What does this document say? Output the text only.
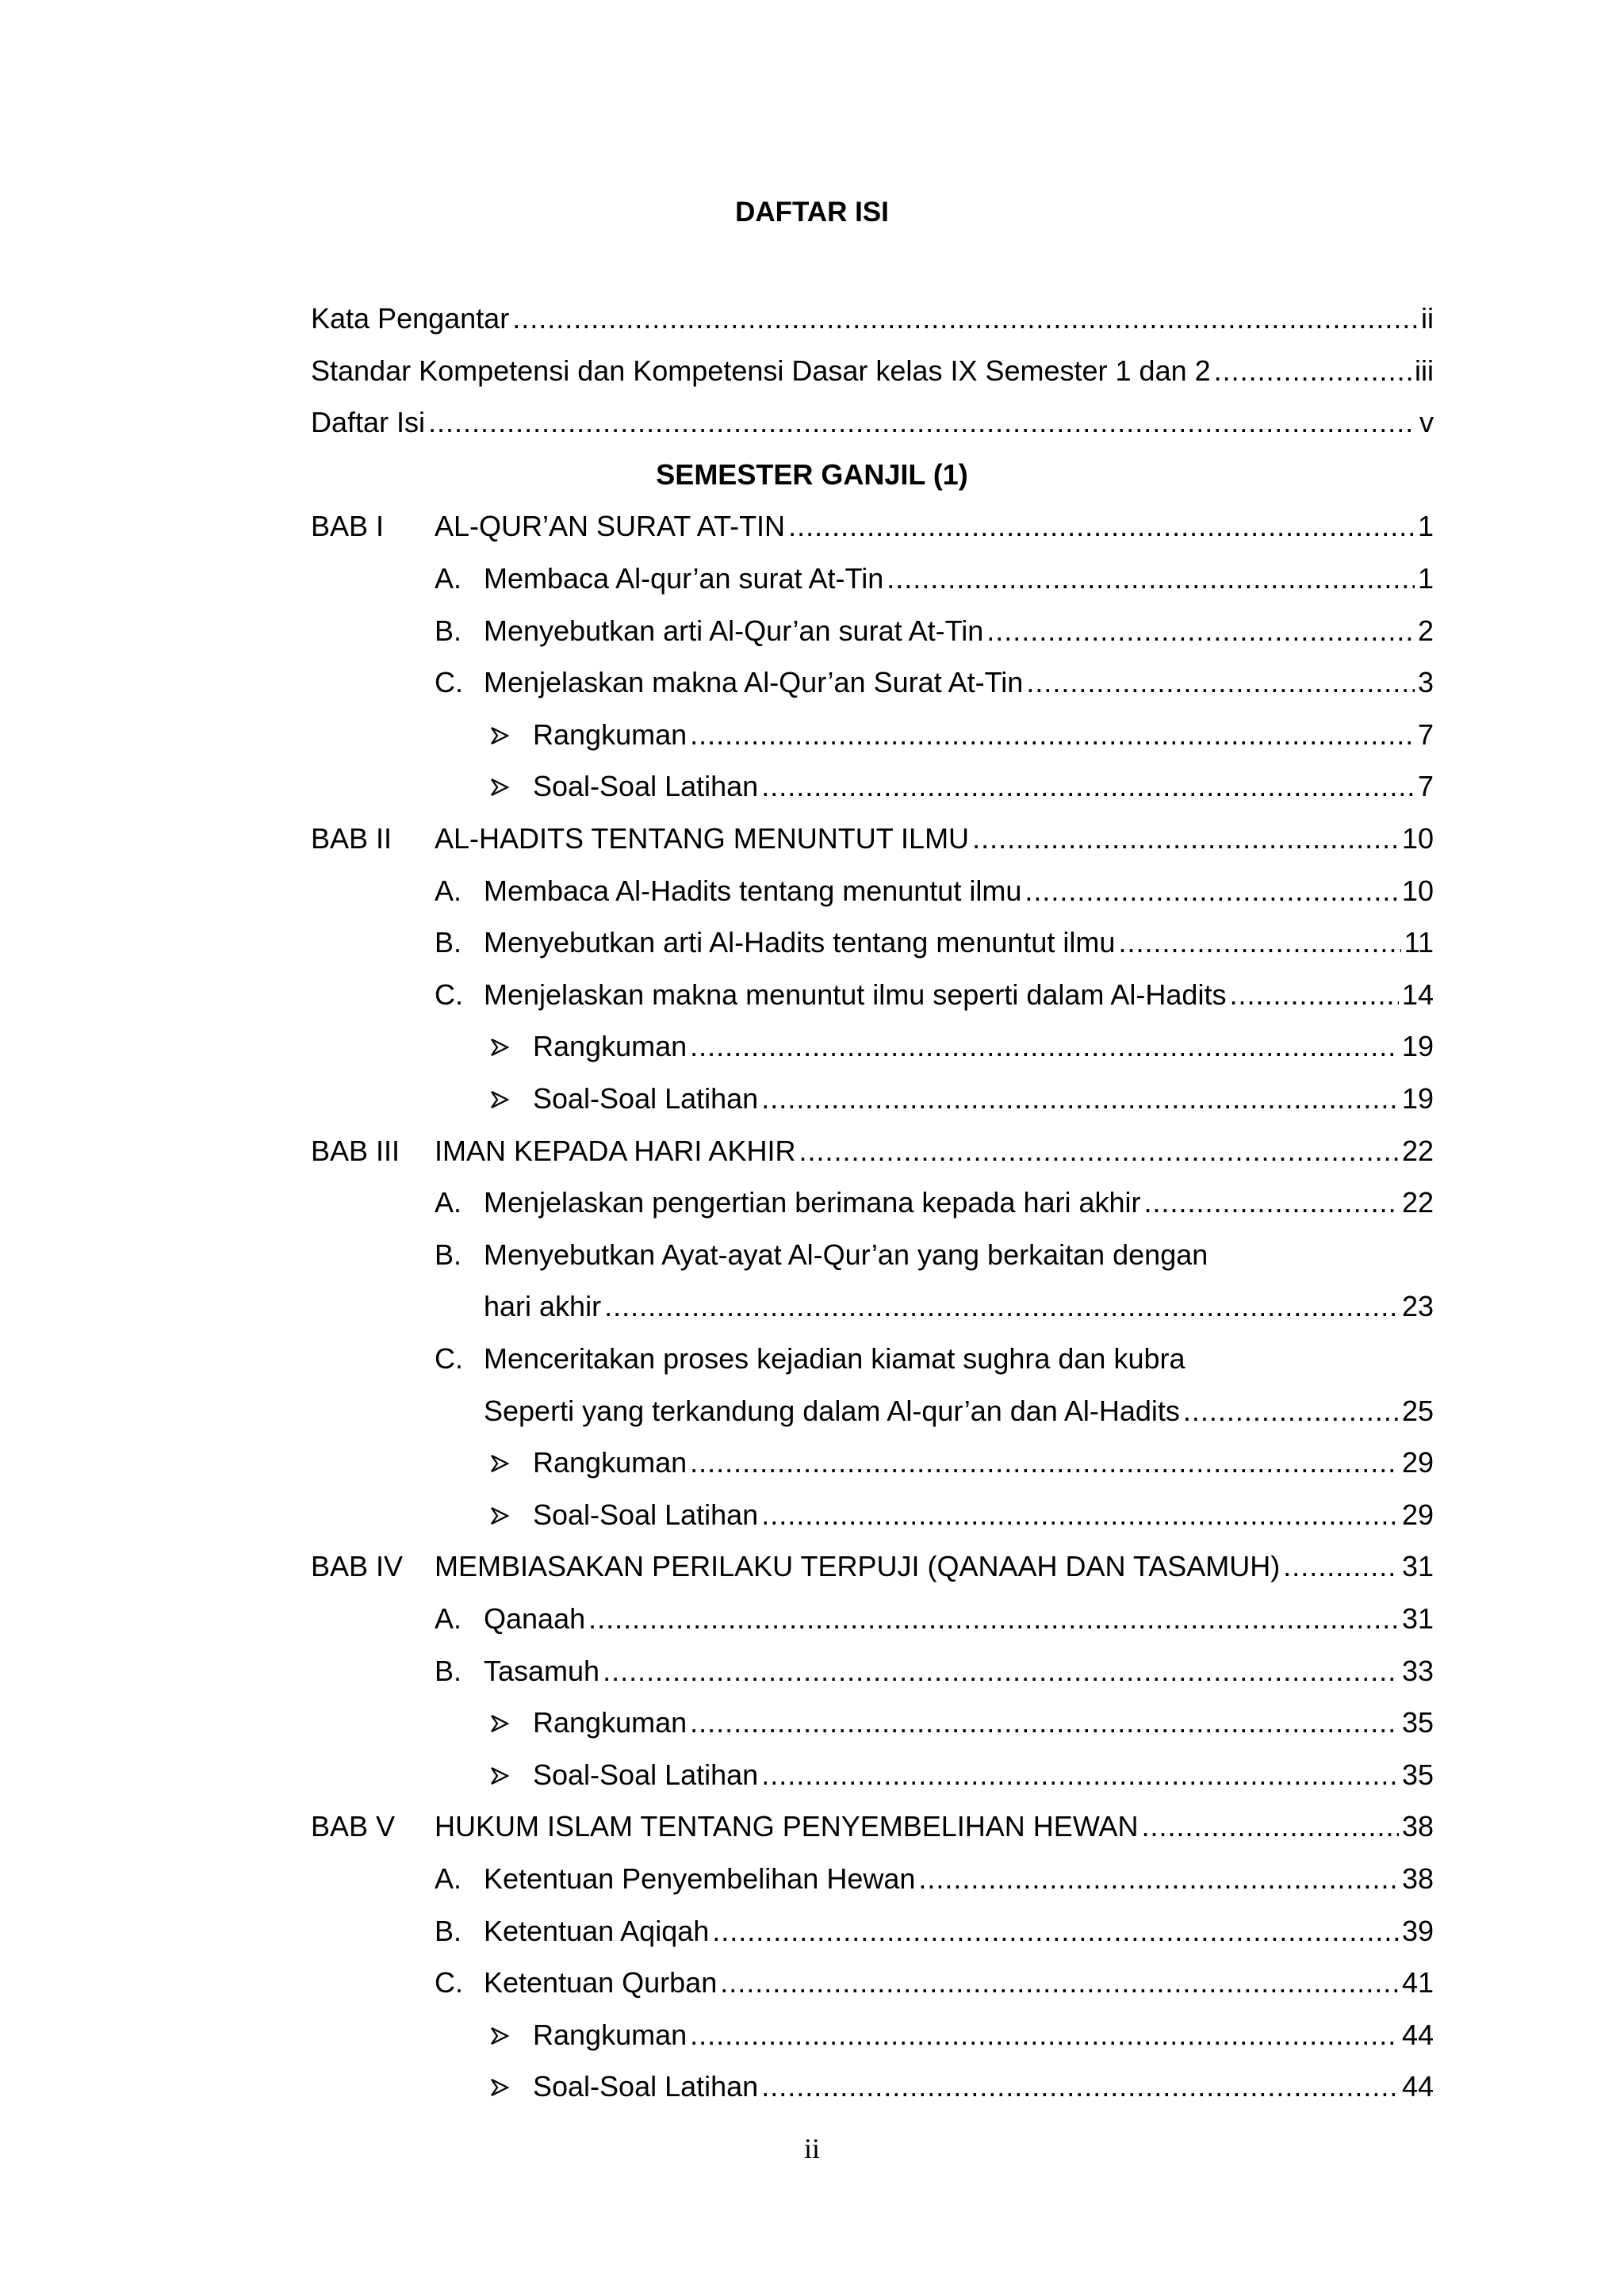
DAFTAR ISI
Kata Pengantar .....	ii
Standar Kompetensi dan Kompetensi Dasar kelas IX Semester 1 dan 2 .....	iii
Daftar Isi .....	v
SEMESTER GANJIL (1)
BAB I AL-QUR’AN SURAT AT-TIN .....	1
A. Membaca Al-qur’an surat At-Tin .....	1
B. Menyebutkan arti Al-Qur’an surat At-Tin .....	2
C. Menjelaskan makna Al-Qur’an Surat At-Tin .....	3
Rangkuman .....	7
Soal-Soal Latihan .....	7
BAB II AL-HADITS TENTANG MENUNTUT ILMU .....	10
A. Membaca Al-Hadits tentang menuntut ilmu .....	10
B. Menyebutkan arti Al-Hadits tentang menuntut ilmu .....	11
C. Menjelaskan makna menuntut ilmu seperti dalam Al-Hadits .....	14
Rangkuman .....	19
Soal-Soal Latihan .....	19
BAB III IMAN KEPADA HARI AKHIR .....	22
A. Menjelaskan pengertian berimana kepada hari akhir .....	22
B. Menyebutkan Ayat-ayat Al-Qur’an yang berkaitan dengan
hari akhir .....	23
C. Menceritakan proses kejadian kiamat sughra dan kubra
Seperti yang terkandung dalam Al-qur’an dan Al-Hadits .....	25
Rangkuman .....	29
Soal-Soal Latihan .....	29
BAB IV MEMBIASAKAN PERILAKU TERPUJI (QANAAH DAN TASAMUH) .....	31
A. Qanaah .....	31
B. Tasamuh .....	33
Rangkuman .....	35
Soal-Soal Latihan .....	35
BAB V HUKUM ISLAM TENTANG PENYEMBELIHAN HEWAN .....	38
A. Ketentuan Penyembelihan Hewan .....	38
B. Ketentuan Aqiqah .....	39
C. Ketentuan Qurban .....	41
Rangkuman .....	44
Soal-Soal Latihan .....	44
ii
